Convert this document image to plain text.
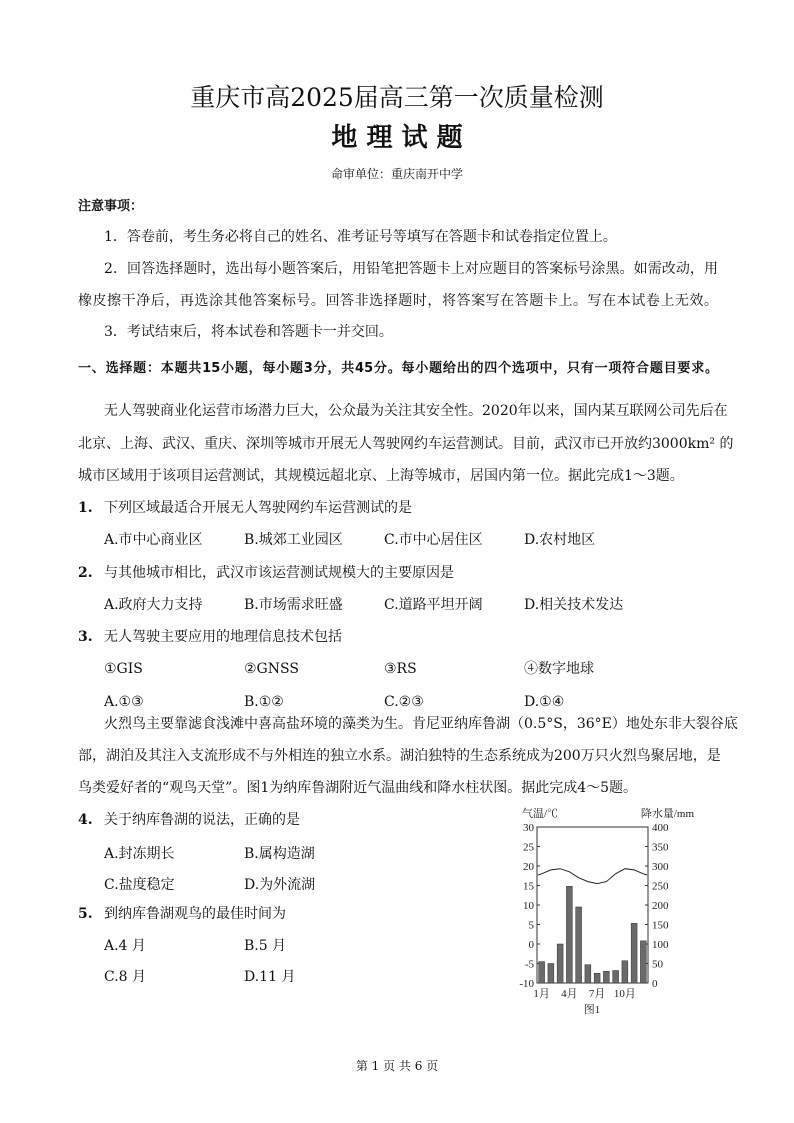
重庆市高2025届高三第一次质量检测
地 理 试 题
命审单位：重庆南开中学
注意事项：
1．答卷前，考生务必将自己的姓名、准考证号等填写在答题卡和试卷指定位置上。
2．回答选择题时，选出每小题答案后，用铅笔把答题卡上对应题目的答案标号涂黑。如需改动，用
橡皮擦干净后，再选涂其他答案标号。回答非选择题时，将答案写在答题卡上。写在本试卷上无效。
3．考试结束后，将本试卷和答题卡一并交回。
一、选择题：本题共15小题，每小题3分，共45分。每小题给出的四个选项中，只有一项符合题目要求。
无人驾驶商业化运营市场潜力巨大，公众最为关注其安全性。2020年以来，国内某互联网公司先后在
北京、上海、武汉、重庆、深圳等城市开展无人驾驶网约车运营测试。目前，武汉市已开放约3000km² 的
城市区域用于该项目运营测试，其规模远超北京、上海等城市，居国内第一位。据此完成1～3题。
1. 下列区域最适合开展无人驾驶网约车运营测试的是
A.市中心商业区	B.城郊工业园区	C.市中心居住区	D.农村地区
2. 与其他城市相比，武汉市该运营测试规模大的主要原因是
A.政府大力支持	B.市场需求旺盛	C.道路平坦开阔	D.相关技术发达
3. 无人驾驶主要应用的地理信息技术包括
①GIS	②GNSS	③RS	④数字地球
A.①③	B.①②	C.②③	D.①④
火烈鸟主要靠滤食浅滩中喜高盐环境的藻类为生。肯尼亚纳库鲁湖（0.5°S，36°E）地处东非大裂谷底
部，湖泊及其注入支流形成不与外相连的独立水系。湖泊独特的生态系统成为200万只火烈鸟聚居地，是
鸟类爱好者的“观鸟天堂”。图1为纳库鲁湖附近气温曲线和降水柱状图。据此完成4～5题。
4. 关于纳库鲁湖的说法，正确的是
A.封冻期长	B.属构造湖
C.盐度稳定	D.为外流湖
5. 到纳库鲁湖观鸟的最佳时间为
A.4 月	B.5 月
C.8 月	D.11 月
气温/℃	降水量/mm
30
25
20
15
10
5
0
-5
-10
400
350
300
250
200
150
100
50
0
1月 4月 7月 10月
图1
第 1 页 共 6 页
